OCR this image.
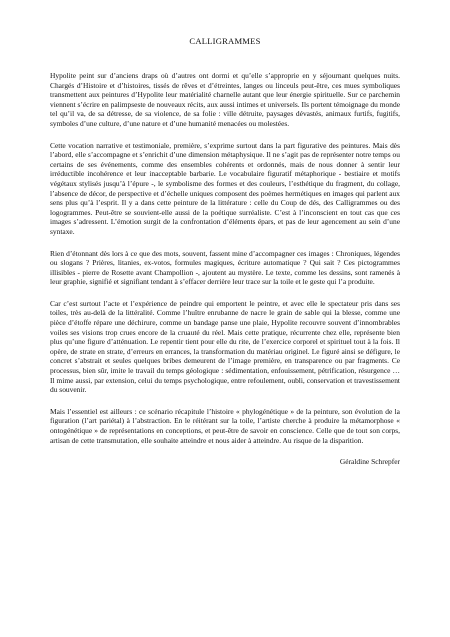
CALLIGRAMMES

Hypolite peint sur d’anciens draps où d’autres ont dormi et qu’elle s’approprie en y séjournant quelques nuits. Chargés d’Histoire et d’histoires, tissés de rêves et d’étreintes, langes ou linceuls peut-être, ces mues symboliques transmettent aux peintures d’Hypolite leur matérialité charnelle autant que leur énergie spirituelle. Sur ce parchemin viennent s’écrire en palimpseste de nouveaux récits, aux aussi intimes et universels. Ils portent témoignage du monde tel qu’il va, de sa détresse, de sa violence, de sa folie : ville détruite, paysages dévastés, animaux furtifs, fugitifs, symboles d’une culture, d’une nature et d’une humanité menacées ou molestées.

Cette vocation narrative et testimoniale, première, s’exprime surtout dans la part figurative des peintures. Mais dès l’abord, elle s’accompagne et s’enrichit d’une dimension métaphysique. Il ne s’agit pas de représenter notre temps ou certains de ses événements, comme des ensembles cohérents et ordonnés, mais de nous donner à sentir leur irréductible incohérence et leur inacceptable barbarie. Le vocabulaire figuratif métaphorique - bestiaire et motifs végétaux stylisés jusqu’à l’épure -, le symbolisme des formes et des couleurs, l’esthétique du fragment, du collage, l’absence de décor, de perspective et d’échelle uniques composent des poèmes hermétiques en images qui parlent aux sens plus qu’à l’esprit. Il y a dans cette peinture de la littérature : celle du Coup de dés, des Calligrammes ou des logogrammes. Peut-être se souvient-elle aussi de la poétique surréaliste. C’est à l’inconscient en tout cas que ces images s’adressent. L’émotion surgit de la confrontation d’éléments épars, et pas de leur agencement au sein d’une syntaxe.

Rien d’étonnant dès lors à ce que des mots, souvent, fassent mine d’accompagner ces images : Chroniques, légendes ou slogans ? Prières, litanies, ex-votos, formules magiques, écriture automatique ? Qui sait ? Ces pictogrammes illisibles - pierre de Rosette avant Champollion -, ajoutent au mystère. Le texte, comme les dessins, sont ramenés à leur graphie, signifié et signifiant tendant à s’effacer derrière leur trace sur la toile et le geste qui l’a produite.

Car c’est surtout l’acte et l’expérience de peindre qui emportent le peintre, et avec elle le spectateur pris dans ses toiles, très au-delà de la littéralité. Comme l’huître enrubanne de nacre le grain de sable qui la blesse, comme une pièce d’étoffe répare une déchirure, comme un bandage panse une plaie, Hypolite recouvre souvent d’innombrables voiles ses visions trop crues encore de la cruauté du réel. Mais cette pratique, récurrente chez elle, représente bien plus qu’une figure d’atténuation. Le repentir tient pour elle du rite, de l’exercice corporel et spirituel tout à la fois. Il opère, de strate en strate, d’erreurs en errances, la transformation du matériau originel. Le figuré ainsi se défigure, le concret s’abstrait et seules quelques bribes demeurent de l’image première, en transparence ou par fragments. Ce processus, bien sûr, imite le travail du temps géologique : sédimentation, enfouissement, pétrification, résurgence … Il mime aussi, par extension, celui du temps psychologique, entre refoulement, oubli, conservation et travestissement du souvenir.

Mais l’essentiel est ailleurs : ce scénario récapitule l’histoire « phylogénétique » de la peinture, son évolution de la figuration (l’art pariétal) à l’abstraction. En le réitérant sur la toile, l’artiste cherche à produire la métamorphose « ontogénétique » de représentations en conceptions, et peut-être de savoir en conscience. Celle que de tout son corps, artisan de cette transmutation, elle souhaite atteindre et nous aider à atteindre. Au risque de la disparition.

Géraldine Schrepfer
